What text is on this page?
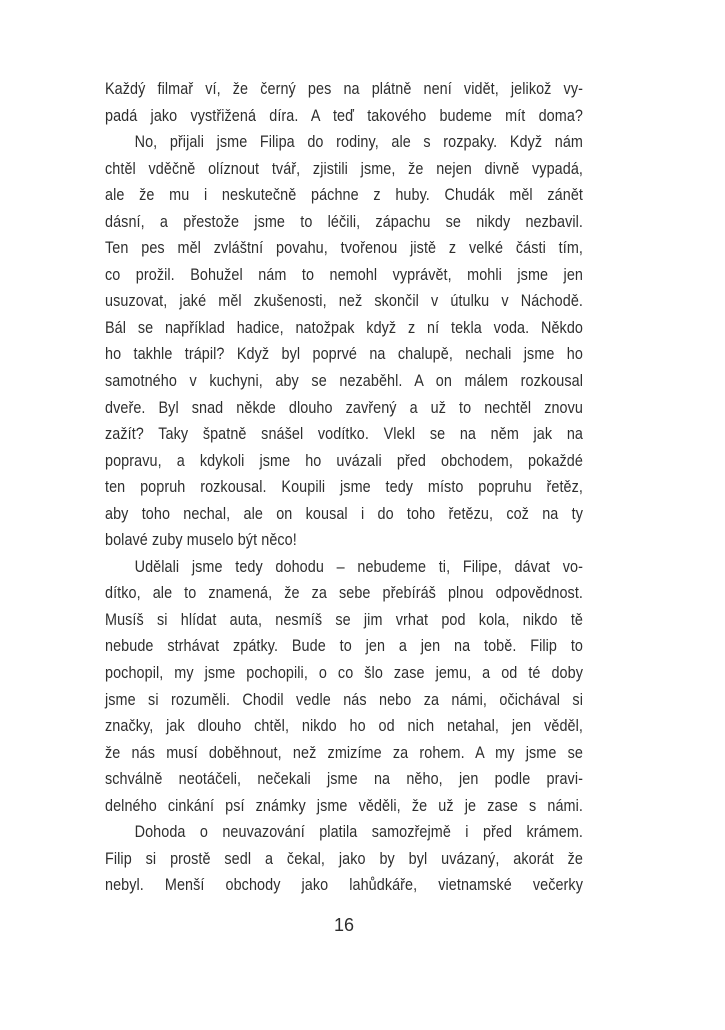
Každý filmař ví, že černý pes na plátně není vidět, jelikož vy-
padá jako vystřižená díra. A teď takového budeme mít doma?
No, přijali jsme Filipa do rodiny, ale s rozpaky. Když nám
chtěl vděčně olíznout tvář, zjistili jsme, že nejen divně vypadá,
ale že mu i neskutečně páchne z huby. Chudák měl zánět
dásní, a přestože jsme to léčili, zápachu se nikdy nezbavil.
Ten pes měl zvláštní povahu, tvořenou jistě z velké části tím,
co prožil. Bohužel nám to nemohl vyprávět, mohli jsme jen
usuzovat, jaké měl zkušenosti, než skončil v útulku v Náchodě.
Bál se například hadice, natožpak když z ní tekla voda. Někdo
ho takhle trápil? Když byl poprvé na chalupě, nechali jsme ho
samotného v kuchyni, aby se nezaběhl. A on málem rozkousal
dveře. Byl snad někde dlouho zavřený a už to nechtěl znovu
zažít? Taky špatně snášel vodítko. Vlekl se na něm jak na
popravu, a kdykoli jsme ho uvázali před obchodem, pokaždé
ten popruh rozkousal. Koupili jsme tedy místo popruhu řetěz,
aby toho nechal, ale on kousal i do toho řetězu, což na ty
bolavé zuby muselo být něco!
Udělali jsme tedy dohodu – nebudeme ti, Filipe, dávat vo-
dítko, ale to znamená, že za sebe přebíráš plnou odpovědnost.
Musíš si hlídat auta, nesmíš se jim vrhat pod kola, nikdo tě
nebude strhávat zpátky. Bude to jen a jen na tobě. Filip to
pochopil, my jsme pochopili, o co šlo zase jemu, a od té doby
jsme si rozuměli. Chodil vedle nás nebo za námi, očichával si
značky, jak dlouho chtěl, nikdo ho od nich netahal, jen věděl,
že nás musí doběhnout, než zmizíme za rohem. A my jsme se
schválně neotáčeli, nečekali jsme na něho, jen podle pravi-
delného cinkání psí známky jsme věděli, že už je zase s námi.
Dohoda o neuvazování platila samozřejmě i před krámem.
Filip si prostě sedl a čekal, jako by byl uvázaný, akorát že
nebyl. Menší obchody jako lahůdkáře, vietnamské večerky
16
